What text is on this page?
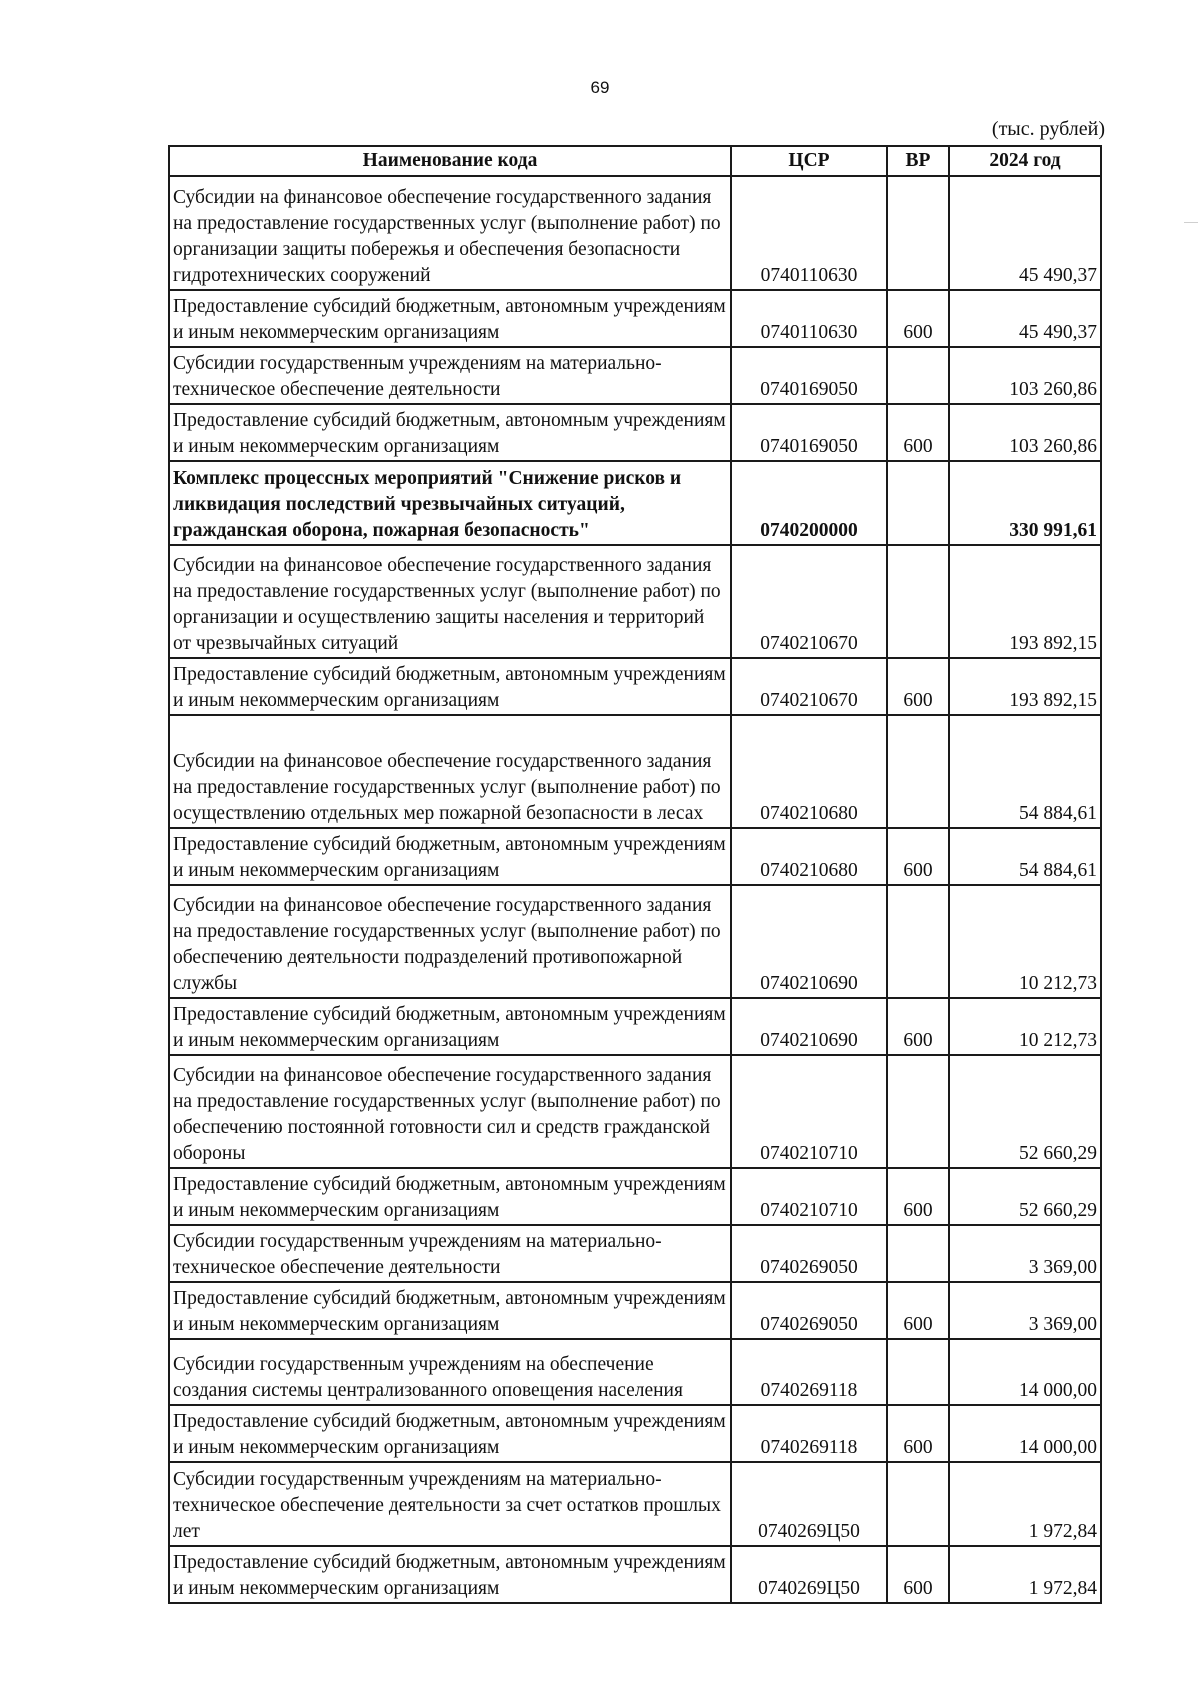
69
(тыс. рублей)
Наименование кода	ЦСР	ВР	2024 год
Субсидии на финансовое обеспечение государственного задания на предоставление государственных услуг (выполнение работ) по организации защиты побережья и обеспечения безопасности гидротехнических сооружений	0740110630		45 490,37
Предоставление субсидий бюджетным, автономным учреждениям и иным некоммерческим организациям	0740110630	600	45 490,37
Субсидии государственным учреждениям на материально-техническое обеспечение деятельности	0740169050		103 260,86
Предоставление субсидий бюджетным, автономным учреждениям и иным некоммерческим организациям	0740169050	600	103 260,86
Комплекс процессных мероприятий "Снижение рисков и ликвидация последствий чрезвычайных ситуаций, гражданская оборона, пожарная безопасность"	0740200000		330 991,61
Субсидии на финансовое обеспечение государственного задания на предоставление государственных услуг (выполнение работ) по организации и осуществлению защиты населения и территорий от чрезвычайных ситуаций	0740210670		193 892,15
Предоставление субсидий бюджетным, автономным учреждениям и иным некоммерческим организациям	0740210670	600	193 892,15
Субсидии на финансовое обеспечение государственного задания на предоставление государственных услуг (выполнение работ) по осуществлению отдельных мер пожарной безопасности в лесах	0740210680		54 884,61
Предоставление субсидий бюджетным, автономным учреждениям и иным некоммерческим организациям	0740210680	600	54 884,61
Субсидии на финансовое обеспечение государственного задания на предоставление государственных услуг (выполнение работ) по обеспечению деятельности подразделений противопожарной службы	0740210690		10 212,73
Предоставление субсидий бюджетным, автономным учреждениям и иным некоммерческим организациям	0740210690	600	10 212,73
Субсидии на финансовое обеспечение государственного задания на предоставление государственных услуг (выполнение работ) по обеспечению постоянной готовности сил и средств гражданской обороны	0740210710		52 660,29
Предоставление субсидий бюджетным, автономным учреждениям и иным некоммерческим организациям	0740210710	600	52 660,29
Субсидии государственным учреждениям на материально-техническое обеспечение деятельности	0740269050		3 369,00
Предоставление субсидий бюджетным, автономным учреждениям и иным некоммерческим организациям	0740269050	600	3 369,00
Субсидии государственным учреждениям на обеспечение создания системы централизованного оповещения населения	0740269118		14 000,00
Предоставление субсидий бюджетным, автономным учреждениям и иным некоммерческим организациям	0740269118	600	14 000,00
Субсидии государственным учреждениям на материально-техническое обеспечение деятельности за счет остатков прошлых лет	0740269Ц50		1 972,84
Предоставление субсидий бюджетным, автономным учреждениям и иным некоммерческим организациям	0740269Ц50	600	1 972,84
